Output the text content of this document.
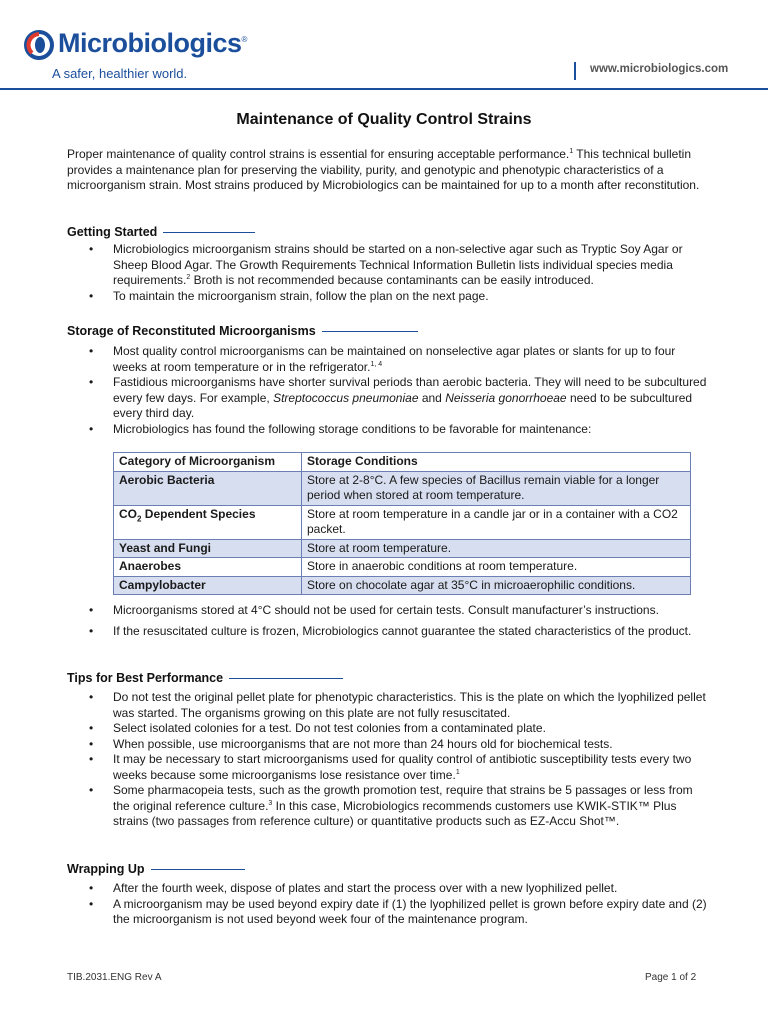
Microbiologics®
A safer, healthier world.	www.microbiologics.com
Maintenance of Quality Control Strains
Proper maintenance of quality control strains is essential for ensuring acceptable performance.$^1$ This technical bulletin provides a maintenance plan for preserving the viability, purity, and genotypic and phenotypic characteristics of a microorganism strain. Most strains produced by Microbiologics can be maintained for up to a month after reconstitution.
Getting Started
• Microbiologics microorganism strains should be started on a non-selective agar such as Tryptic Soy Agar or Sheep Blood Agar. The Growth Requirements Technical Information Bulletin lists individual species media requirements.$^2$ Broth is not recommended because contaminants can be easily introduced.
• To maintain the microorganism strain, follow the plan on the next page.
Storage of Reconstituted Microorganisms
• Most quality control microorganisms can be maintained on nonselective agar plates or slants for up to four weeks at room temperature or in the refrigerator.$^{1, 4}$
• Fastidious microorganisms have shorter survival periods than aerobic bacteria. They will need to be subcultured every few days. For example, Streptococcus pneumoniae and Neisseria gonorrhoeae need to be subcultured every third day.
• Microbiologics has found the following storage conditions to be favorable for maintenance:
Category of Microorganism	Storage Conditions
Aerobic Bacteria	Store at 2-8°C. A few species of Bacillus remain viable for a longer period when stored at room temperature.
$CO_2$ Dependent Species	Store at room temperature in a candle jar or in a container with a CO2 packet.
Yeast and Fungi	Store at room temperature.
Anaerobes	Store in anaerobic conditions at room temperature.
Campylobacter	Store on chocolate agar at 35°C in microaerophilic conditions.
• Microorganisms stored at 4°C should not be used for certain tests. Consult manufacturer’s instructions.
• If the resuscitated culture is frozen, Microbiologics cannot guarantee the stated characteristics of the product.
Tips for Best Performance
• Do not test the original pellet plate for phenotypic characteristics. This is the plate on which the lyophilized pellet was started. The organisms growing on this plate are not fully resuscitated.
• Select isolated colonies for a test. Do not test colonies from a contaminated plate.
• When possible, use microorganisms that are not more than 24 hours old for biochemical tests.
• It may be necessary to start microorganisms used for quality control of antibiotic susceptibility tests every two weeks because some microorganisms lose resistance over time.$^1$
• Some pharmacopeia tests, such as the growth promotion test, require that strains be 5 passages or less from the original reference culture.$^3$ In this case, Microbiologics recommends customers use KWIK-STIK™ Plus strains (two passages from reference culture) or quantitative products such as EZ-Accu Shot™.
Wrapping Up
• After the fourth week, dispose of plates and start the process over with a new lyophilized pellet.
• A microorganism may be used beyond expiry date if (1) the lyophilized pellet is grown before expiry date and (2) the microorganism is not used beyond week four of the maintenance program.
TIB.2031.ENG Rev A	Page 1 of 2
